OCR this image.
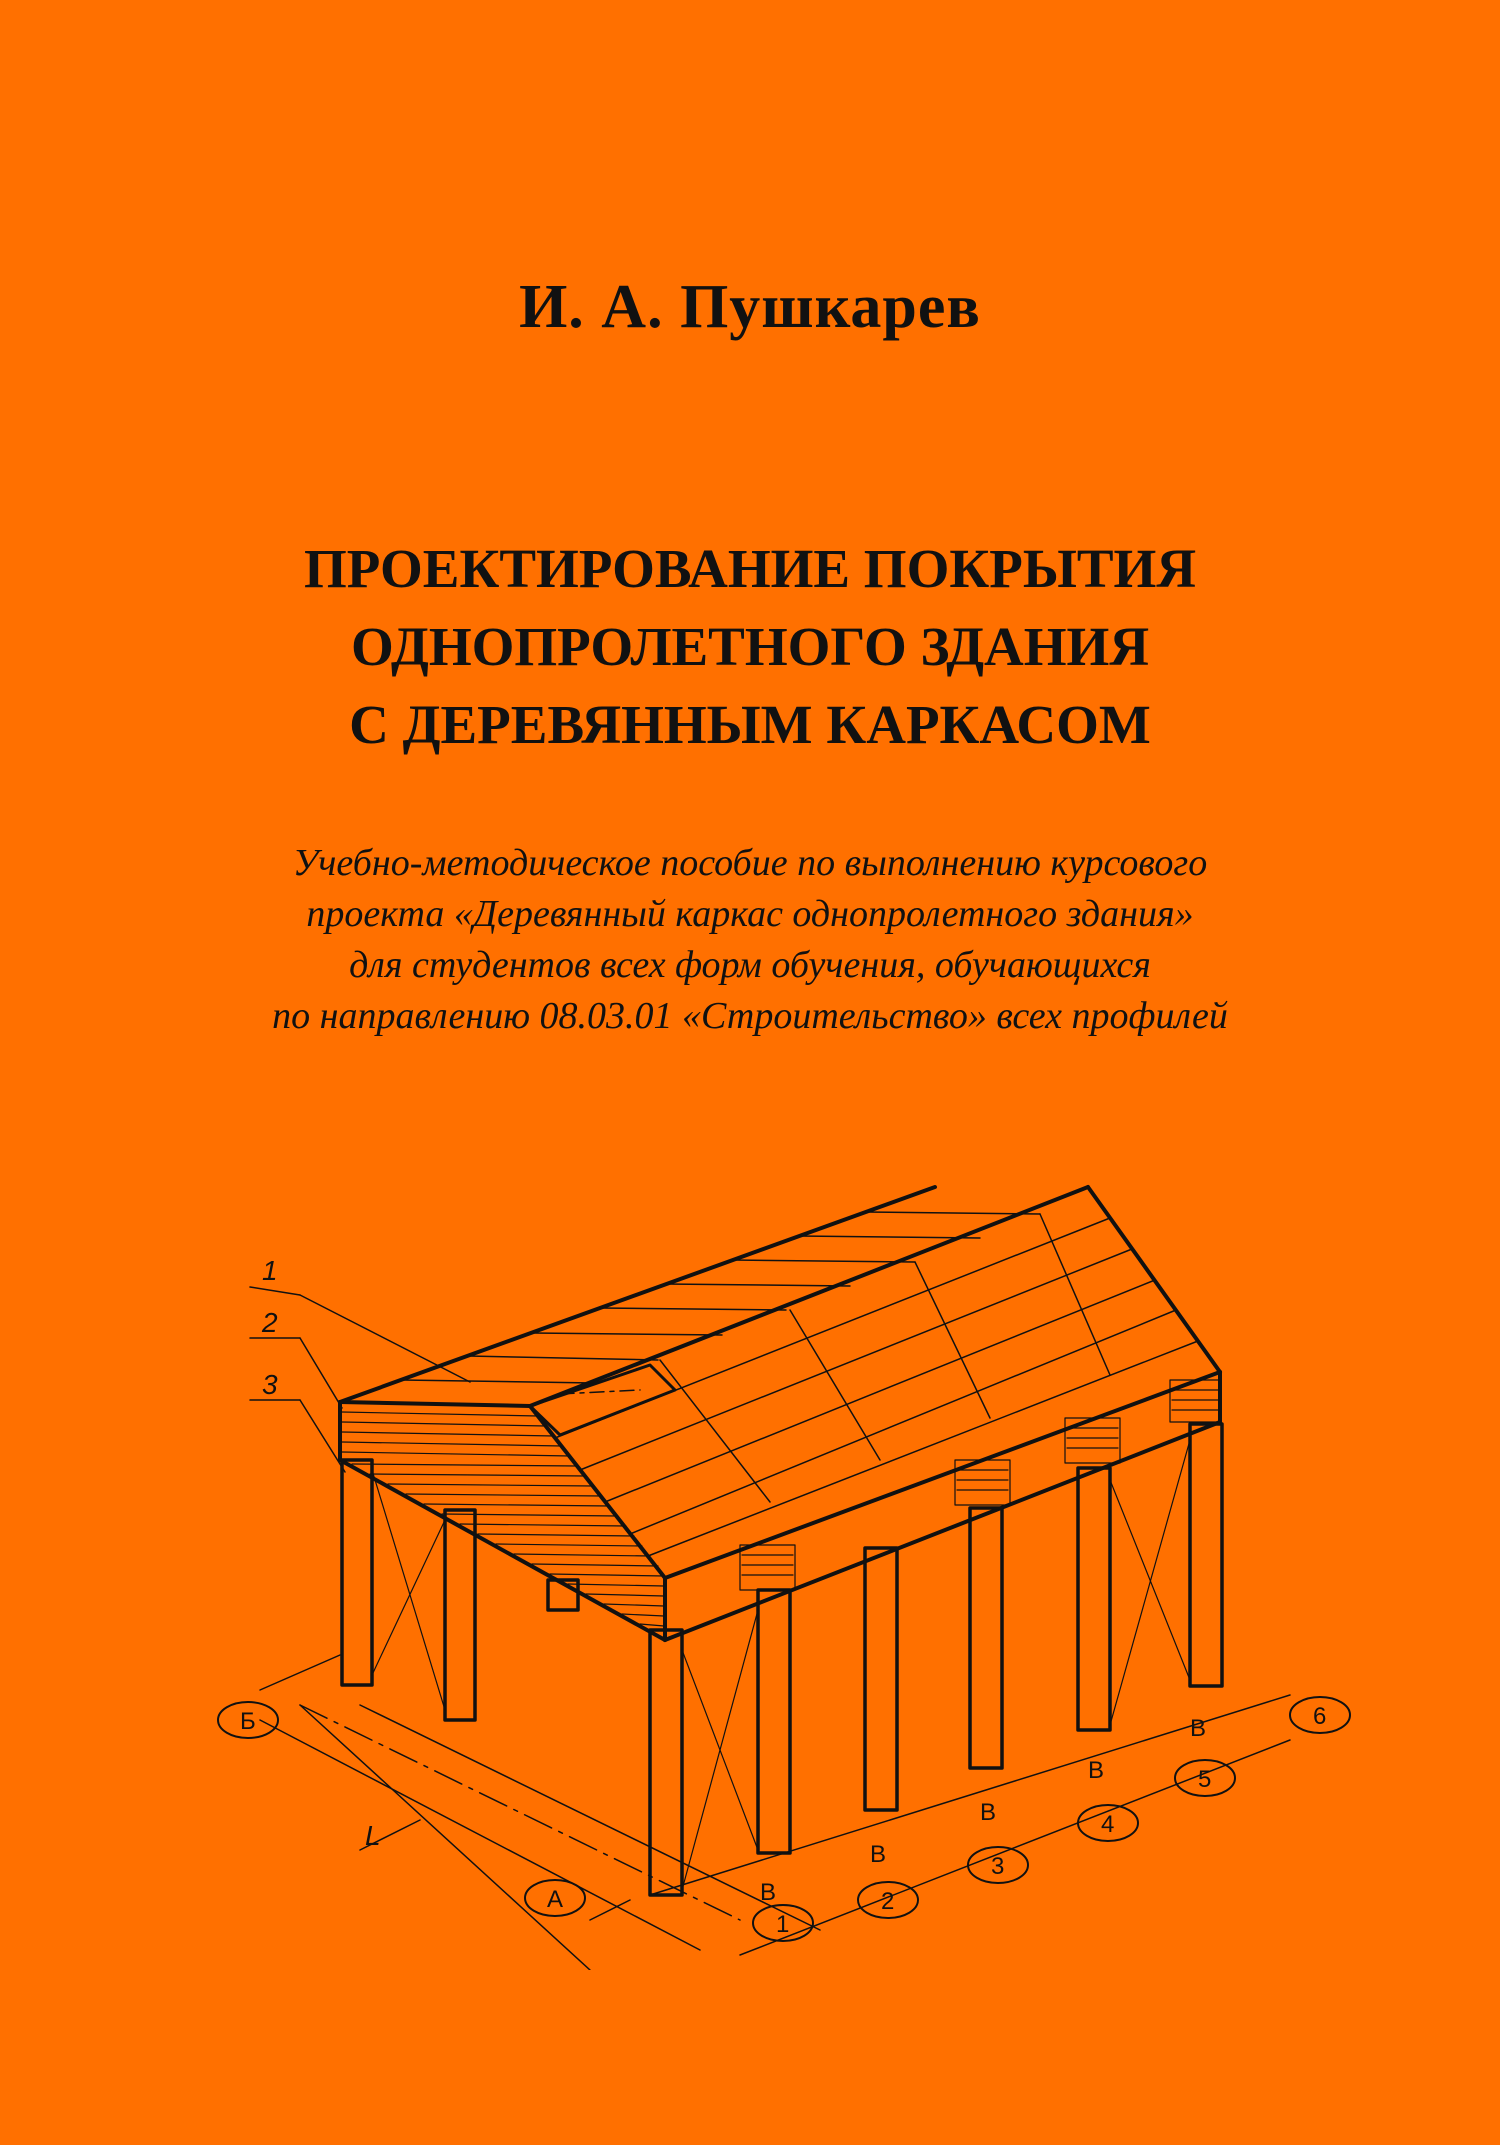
И. А. Пушкарев
ПРОЕКТИРОВАНИЕ ПОКРЫТИЯ
ОДНОПРОЛЕТНОГО ЗДАНИЯ
С ДЕРЕВЯННЫМ КАРКАСОМ
Учебно-методическое пособие по выполнению курсового
проекта «Деревянный каркас однопролетного здания»
для студентов всех форм обучения, обучающихся
по направлению 08.03.01 «Строительство» всех профилей
1
2
3
L
Б
А
1
2
3
4
5
6
В
В
В
В
В
